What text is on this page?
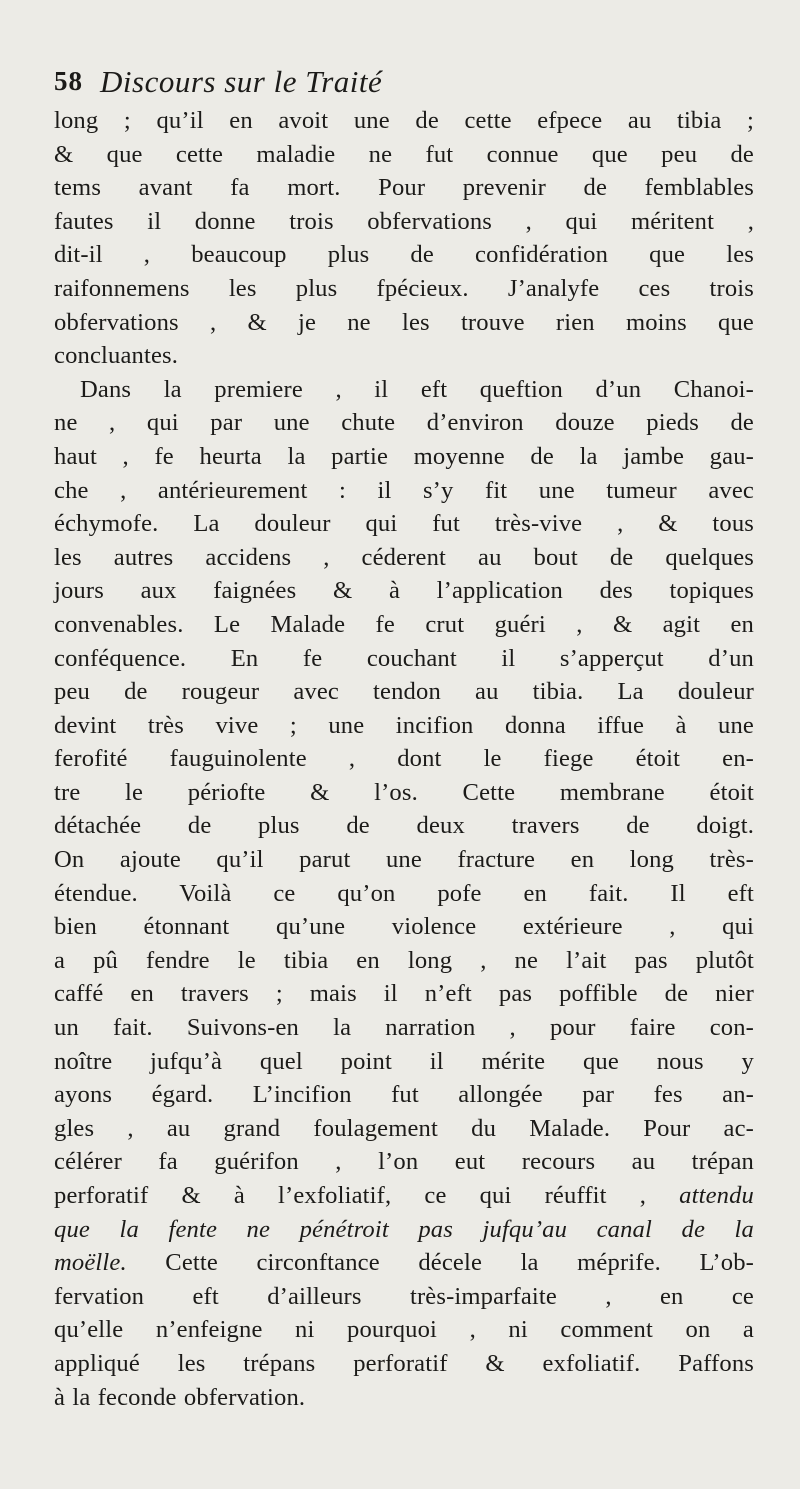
58 Discours sur le Traité
long ; qu’il en avoit une de cette efpece au tibia ;
& que cette maladie ne fut connue que peu de
tems avant fa mort. Pour prevenir de femblables
fautes il donne trois obfervations , qui méritent ,
dit-il , beaucoup plus de confidération que les
raifonnemens les plus fpécieux. J’analyfe ces trois
obfervations , & je ne les trouve rien moins que
concluantes.
Dans la premiere , il eft queftion d’un Chanoi-
ne , qui par une chute d’environ douze pieds de
haut , fe heurta la partie moyenne de la jambe gau-
che , antérieurement : il s’y fit une tumeur avec
échymofe. La douleur qui fut très-vive , & tous
les autres accidens , céderent au bout de quelques
jours aux faignées & à l’application des topiques
convenables. Le Malade fe crut guéri , & agit en
conféquence. En fe couchant il s’apperçut d’un
peu de rougeur avec tendon au tibia. La douleur
devint très vive ; une incifion donna iffue à une
ferofité fauguinolente , dont le fiege étoit en-
tre le périofte & l’os. Cette membrane étoit
détachée de plus de deux travers de doigt.
On ajoute qu’il parut une fracture en long très-
étendue. Voilà ce qu’on pofe en fait. Il eft
bien étonnant qu’une violence extérieure , qui
a pû fendre le tibia en long , ne l’ait pas plutôt
caffé en travers ; mais il n’eft pas poffible de nier
un fait. Suivons-en la narration , pour faire con-
noître jufqu’à quel point il mérite que nous y
ayons égard. L’incifion fut allongée par fes an-
gles , au grand foulagement du Malade. Pour ac-
célérer fa guérifon , l’on eut recours au trépan
perforatif & à l’exfoliatif, ce qui réuffit , attendu
que la fente ne pénétroit pas jufqu’au canal de la
moëlle. Cette circonftance décele la méprife. L’ob-
fervation eft d’ailleurs très-imparfaite , en ce
qu’elle n’enfeigne ni pourquoi , ni comment on a
appliqué les trépans perforatif & exfoliatif. Paffons
à la feconde obfervation.
